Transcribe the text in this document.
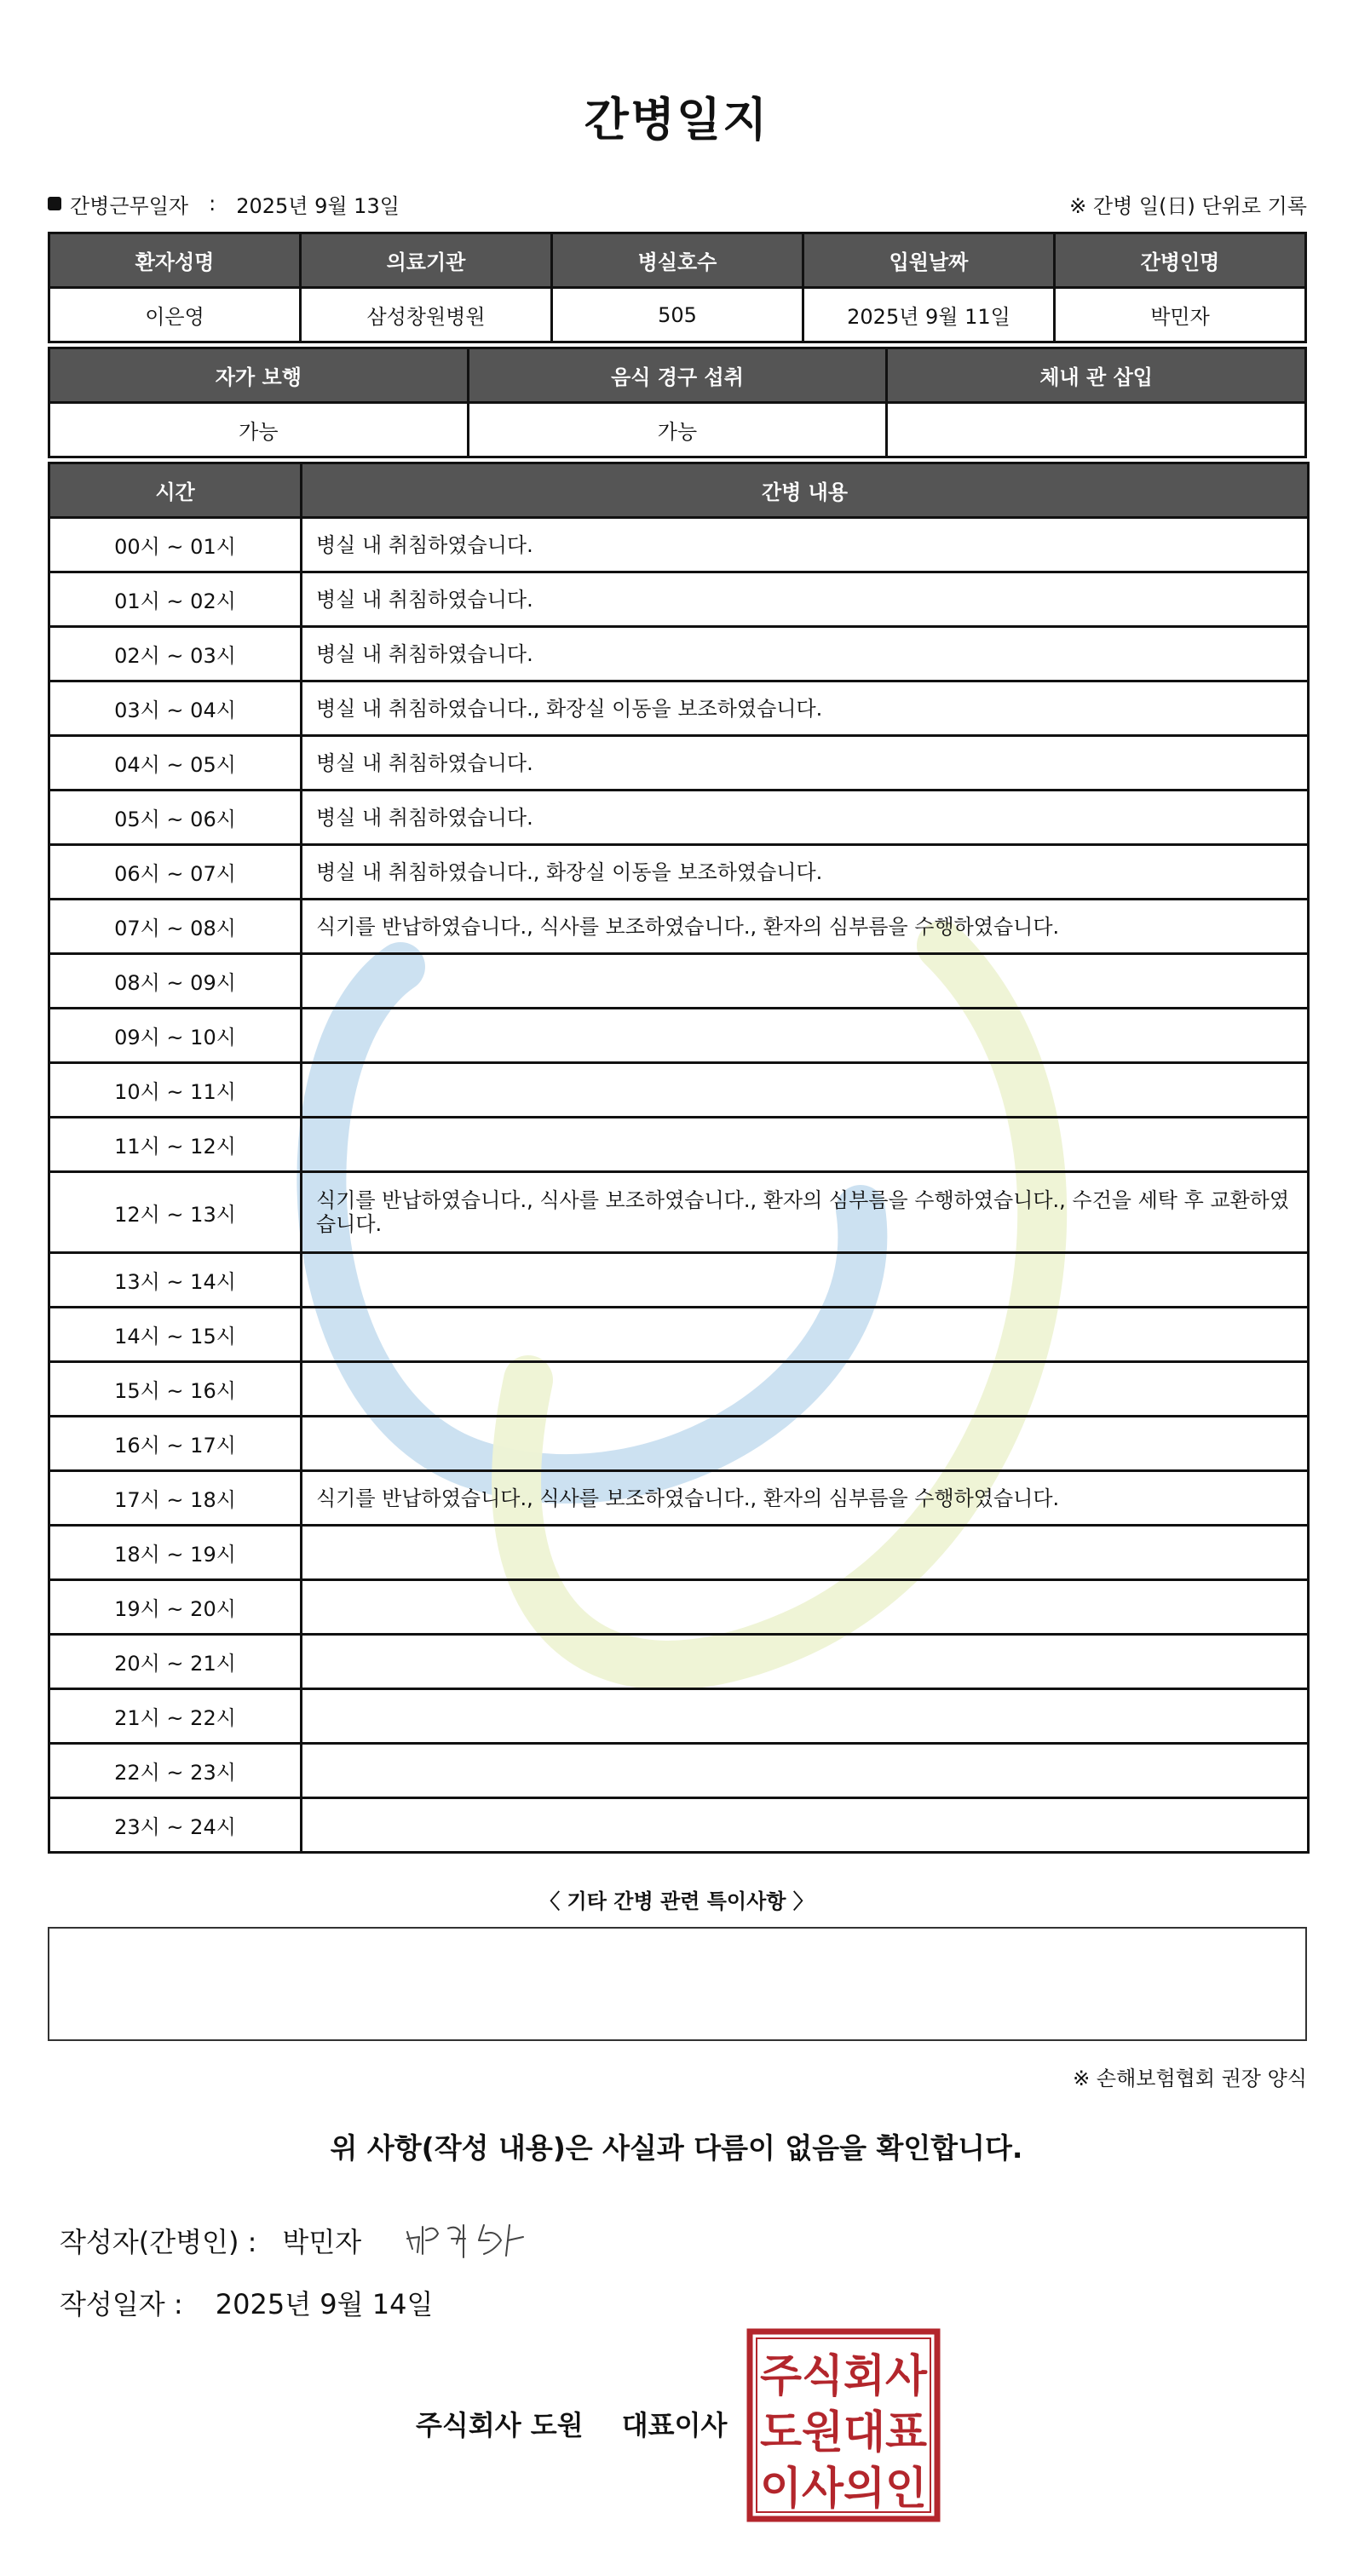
간병일지
간병근무일자 : 2025년 9월 13일	※ 간병 일(日) 단위로 기록
환자성명	의료기관	병실호수	입원날짜	간병인명
이은영	삼성창원병원	505	2025년 9월 11일	박민자
자가 보행	음식 경구 섭취	체내 관 삽입
가능	가능	
시간	간병 내용
00시 ~ 01시	병실 내 취침하였습니다.
01시 ~ 02시	병실 내 취침하였습니다.
02시 ~ 03시	병실 내 취침하였습니다.
03시 ~ 04시	병실 내 취침하였습니다., 화장실 이동을 보조하였습니다.
04시 ~ 05시	병실 내 취침하였습니다.
05시 ~ 06시	병실 내 취침하였습니다.
06시 ~ 07시	병실 내 취침하였습니다., 화장실 이동을 보조하였습니다.
07시 ~ 08시	식기를 반납하였습니다., 식사를 보조하였습니다., 환자의 심부름을 수행하였습니다.
08시 ~ 09시	
09시 ~ 10시	
10시 ~ 11시	
11시 ~ 12시	
12시 ~ 13시	식기를 반납하였습니다., 식사를 보조하였습니다., 환자의 심부름을 수행하였습니다., 수건을 세탁 후 교환하였습니다.
13시 ~ 14시	
14시 ~ 15시	
15시 ~ 16시	
16시 ~ 17시	
17시 ~ 18시	식기를 반납하였습니다., 식사를 보조하였습니다., 환자의 심부름을 수행하였습니다.
18시 ~ 19시	
19시 ~ 20시	
20시 ~ 21시	
21시 ~ 22시	
22시 ~ 23시	
23시 ~ 24시	
〈 기타 간병 관련 특이사항 〉
※ 손해보험협회 권장 양식
위 사항(작성 내용)은 사실과 다름이 없음을 확인합니다.
작성자(간병인) : 박민자
작성일자 : 2025년 9월 14일
주식회사 도원 대표이사
주식회사
도원대표
이사의인
